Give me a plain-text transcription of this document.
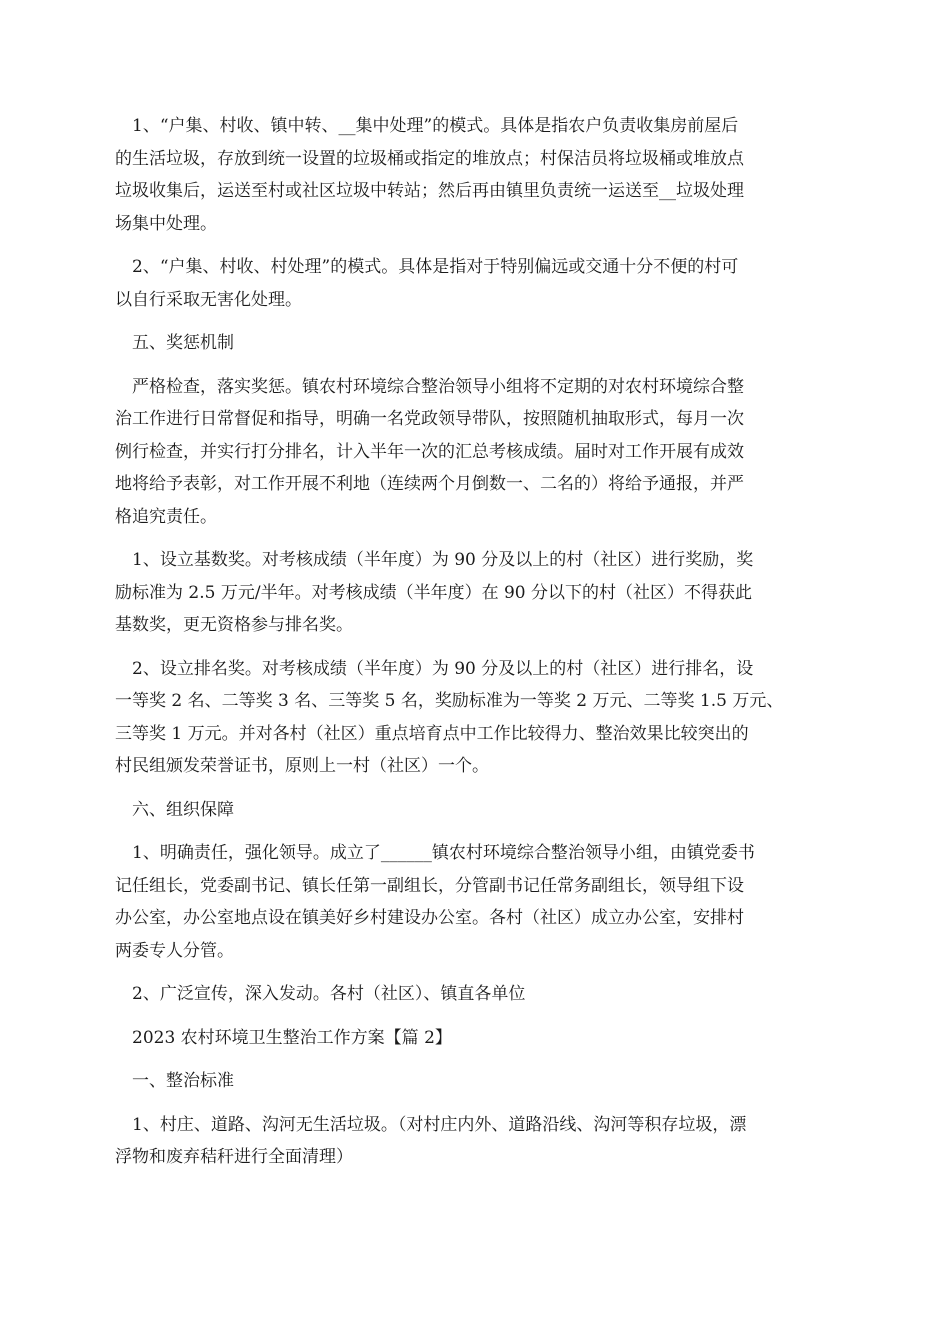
1、“户集、村收、镇中转、__集中处理”的模式。具体是指农户负责收集房前屋后
的生活垃圾，存放到统一设置的垃圾桶或指定的堆放点；村保洁员将垃圾桶或堆放点
垃圾收集后，运送至村或社区垃圾中转站；然后再由镇里负责统一运送至__垃圾处理
场集中处理。
2、“户集、村收、村处理”的模式。具体是指对于特别偏远或交通十分不便的村可
以自行采取无害化处理。
五、奖惩机制
严格检查，落实奖惩。镇农村环境综合整治领导小组将不定期的对农村环境综合整
治工作进行日常督促和指导，明确一名党政领导带队，按照随机抽取形式，每月一次
例行检查，并实行打分排名，计入半年一次的汇总考核成绩。届时对工作开展有成效
地将给予表彰，对工作开展不利地（连续两个月倒数一、二名的）将给予通报，并严
格追究责任。
1、设立基数奖。对考核成绩（半年度）为 90 分及以上的村（社区）进行奖励，奖
励标准为 2.5 万元/半年。对考核成绩（半年度）在 90 分以下的村（社区）不得获此
基数奖，更无资格参与排名奖。
2、设立排名奖。对考核成绩（半年度）为 90 分及以上的村（社区）进行排名，设
一等奖 2 名、二等奖 3 名、三等奖 5 名，奖励标准为一等奖 2 万元、二等奖 1.5 万元、
三等奖 1 万元。并对各村（社区）重点培育点中工作比较得力、整治效果比较突出的
村民组颁发荣誉证书，原则上一村（社区）一个。
六、组织保障
1、明确责任，强化领导。成立了______镇农村环境综合整治领导小组，由镇党委书
记任组长，党委副书记、镇长任第一副组长，分管副书记任常务副组长，领导组下设
办公室，办公室地点设在镇美好乡村建设办公室。各村（社区）成立办公室，安排村
两委专人分管。
2、广泛宣传，深入发动。各村（社区）、镇直各单位
2023 农村环境卫生整治工作方案【篇 2】
一、整治标准
1、村庄、道路、沟河无生活垃圾。（对村庄内外、道路沿线、沟河等积存垃圾，漂
浮物和废弃秸秆进行全面清理）
